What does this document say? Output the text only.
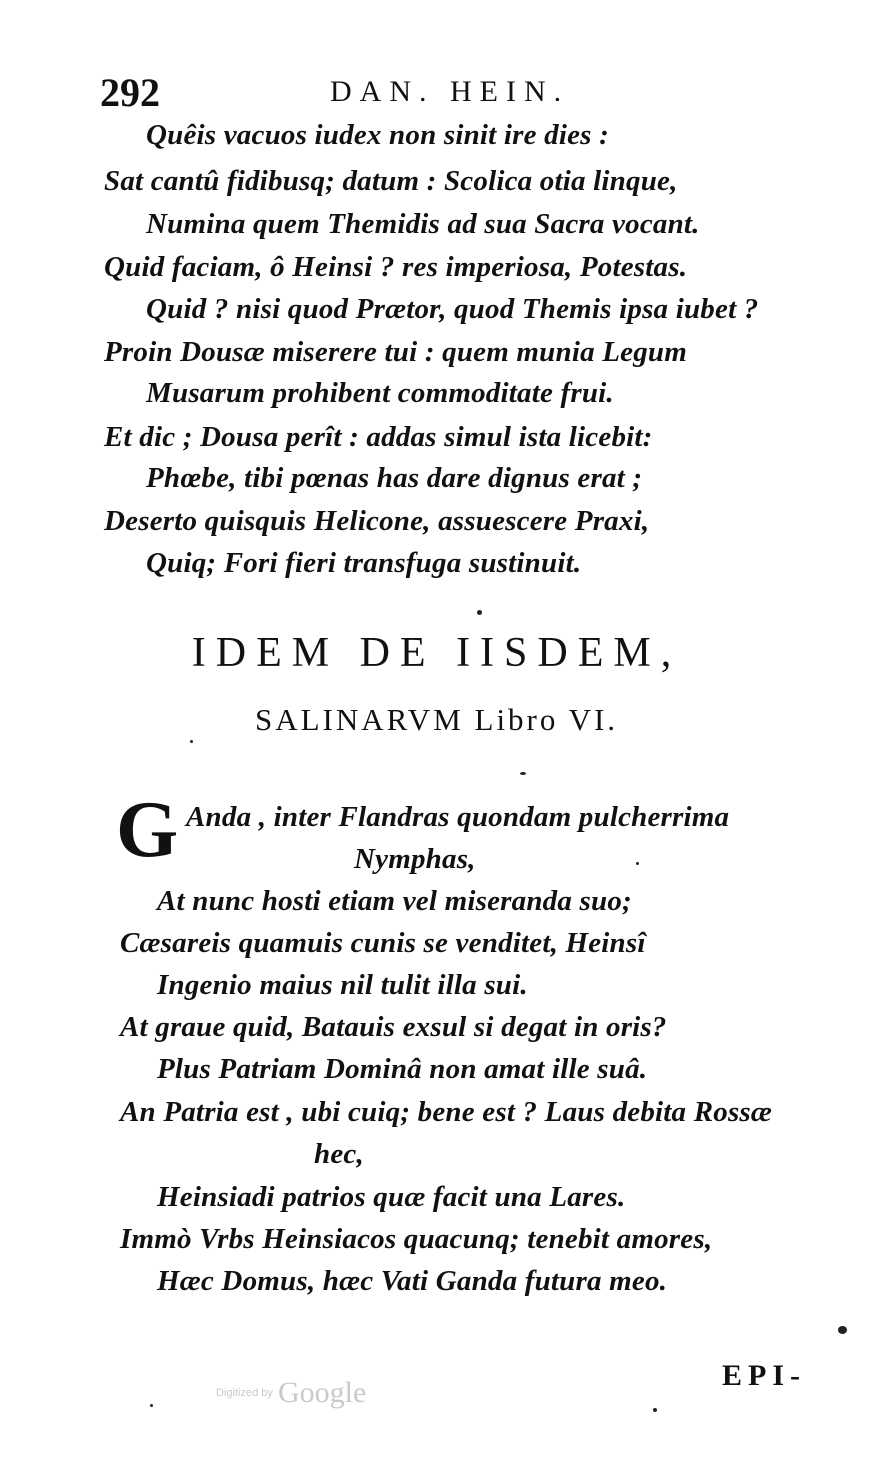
292	DAN. HEIN.
Quêis vacuos iudex non sinit ire dies :
Sat cantû fidibusq; datum : Scolica otia linque,
Numina quem Themidis ad sua Sacra vocant.
Quid faciam, ô Heinsi ? res imperiosa, Potestas.
Quid ? nisi quod Prætor, quod Themis ipsa iubet ?
Proin Dousæ miserere tui : quem munia Legum
Musarum prohibent commoditate frui.
Et dic ; Dousa perît : addas simul ista licebit:
Phœbe, tibi pœnas has dare dignus erat ;
Deserto quisquis Helicone, assuescere Praxi,
Quiq; Fori fieri transfuga sustinuit.
IDEM DE IISDEM,
SALINARVM Libro VI.
G Anda , inter Flandras quondam pulcherrima
Nymphas,
At nunc hosti etiam vel miseranda suo;
Cæsareis quamuis cunis se venditet, Heinsî
Ingenio maius nil tulit illa sui.
At graue quid, Batauis exsul si degat in oris?
Plus Patriam Dominâ non amat ille suâ.
An Patria est , ubi cuiq; bene est ? Laus debita Rossæ
hec,
Heinsiadi patrios quæ facit una Lares.
Immò Vrbs Heinsiacos quacunq; tenebit amores,
Hæc Domus, hæc Vati Ganda futura meo.
EPI-
Digitized by Google
